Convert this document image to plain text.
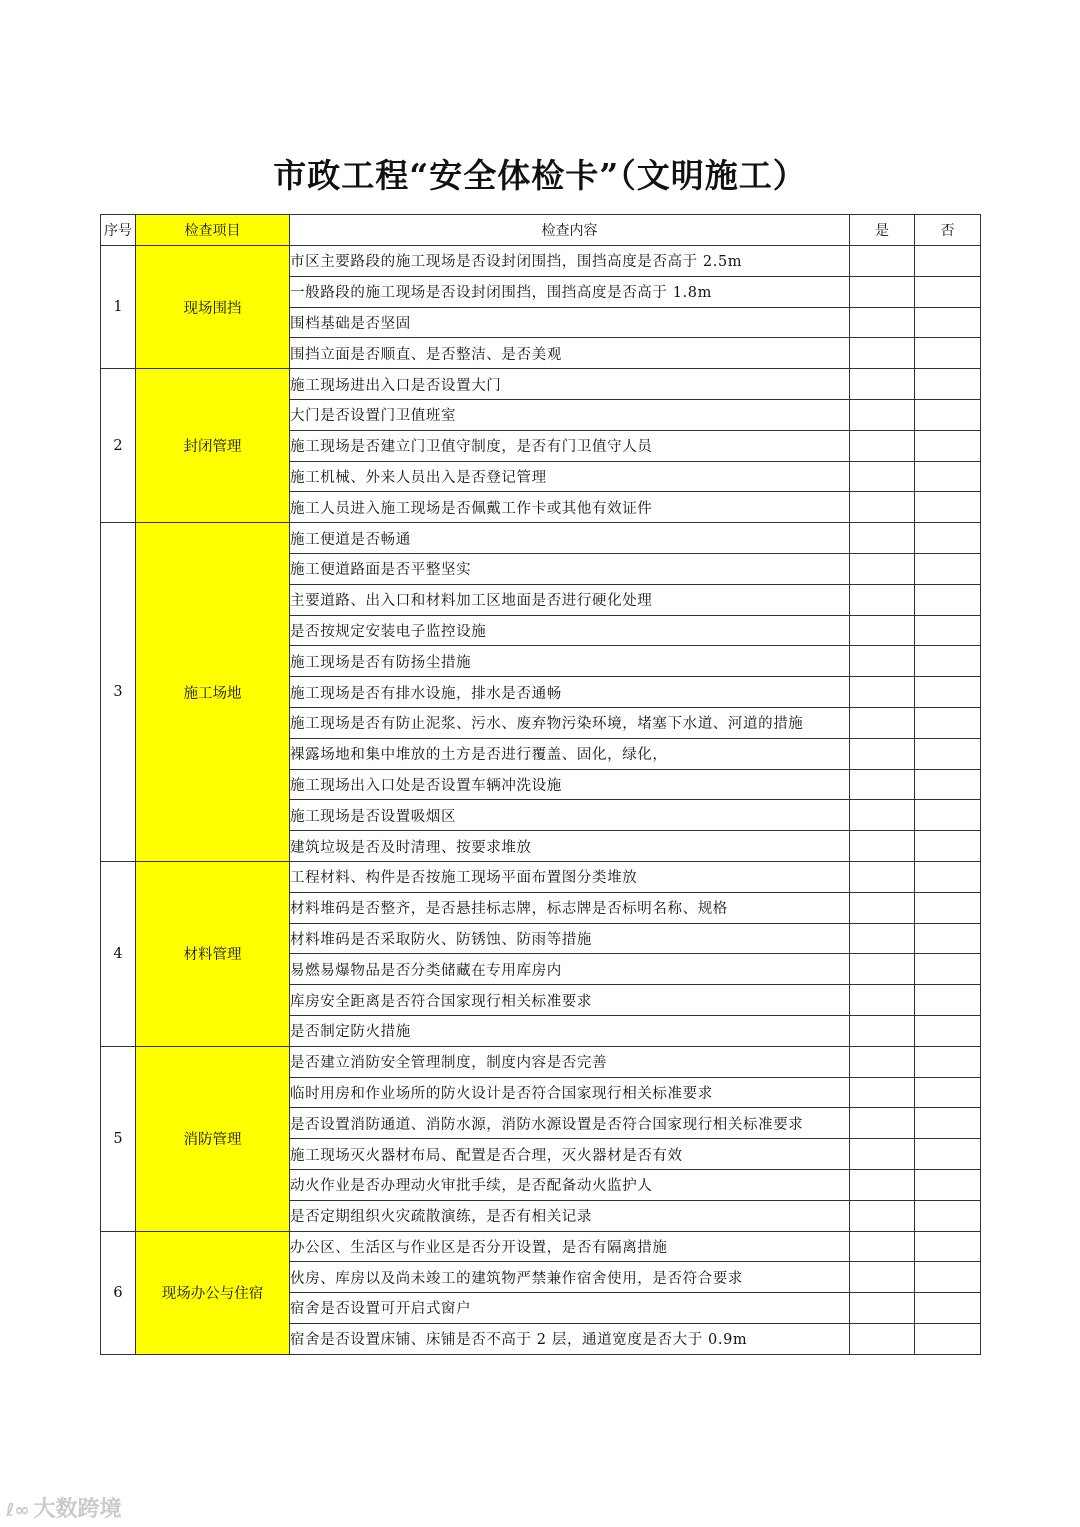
市政工程“安全体检卡”（文明施工）
序号	检查项目	检查内容	是	否
1	现场围挡	市区主要路段的施工现场是否设封闭围挡，围挡高度是否高于 2.5m		
		一般路段的施工现场是否设封闭围挡，围挡高度是否高于 1.8m		
		围档基础是否坚固		
		围挡立面是否顺直、是否整洁、是否美观		
2	封闭管理	施工现场进出入口是否设置大门		
		大门是否设置门卫值班室		
		施工现场是否建立门卫值守制度，是否有门卫值守人员		
		施工机械、外来人员出入是否登记管理		
		施工人员进入施工现场是否佩戴工作卡或其他有效证件		
3	施工场地	施工便道是否畅通		
		施工便道路面是否平整坚实		
		主要道路、出入口和材料加工区地面是否进行硬化处理		
		是否按规定安装电子监控设施		
		施工现场是否有防扬尘措施		
		施工现场是否有排水设施，排水是否通畅		
		施工现场是否有防止泥浆、污水、废弃物污染环境，堵塞下水道、河道的措施		
		裸露场地和集中堆放的土方是否进行覆盖、固化，绿化，		
		施工现场出入口处是否设置车辆冲洗设施		
		施工现场是否设置吸烟区		
		建筑垃圾是否及时清理、按要求堆放		
4	材料管理	工程材料、构件是否按施工现场平面布置图分类堆放		
		材料堆码是否整齐，是否悬挂标志牌，标志牌是否标明名称、规格		
		材料堆码是否采取防火、防锈蚀、防雨等措施		
		易燃易爆物品是否分类储藏在专用库房内		
		库房安全距离是否符合国家现行相关标准要求		
		是否制定防火措施		
5	消防管理	是否建立消防安全管理制度，制度内容是否完善		
		临时用房和作业场所的防火设计是否符合国家现行相关标准要求		
		是否设置消防通道、消防水源，消防水源设置是否符合国家现行相关标准要求		
		施工现场灭火器材布局、配置是否合理，灭火器材是否有效		
		动火作业是否办理动火审批手续，是否配备动火监护人		
		是否定期组织火灾疏散演练，是否有相关记录		
6	现场办公与住宿	办公区、生活区与作业区是否分开设置，是否有隔离措施		
		伙房、库房以及尚未竣工的建筑物严禁兼作宿舍使用，是否符合要求		
		宿舍是否设置可开启式窗户		
		宿舍是否设置床铺、床铺是否不高于 2 层，通道宽度是否大于 0.9m		
ℓ∞ 大数跨境
